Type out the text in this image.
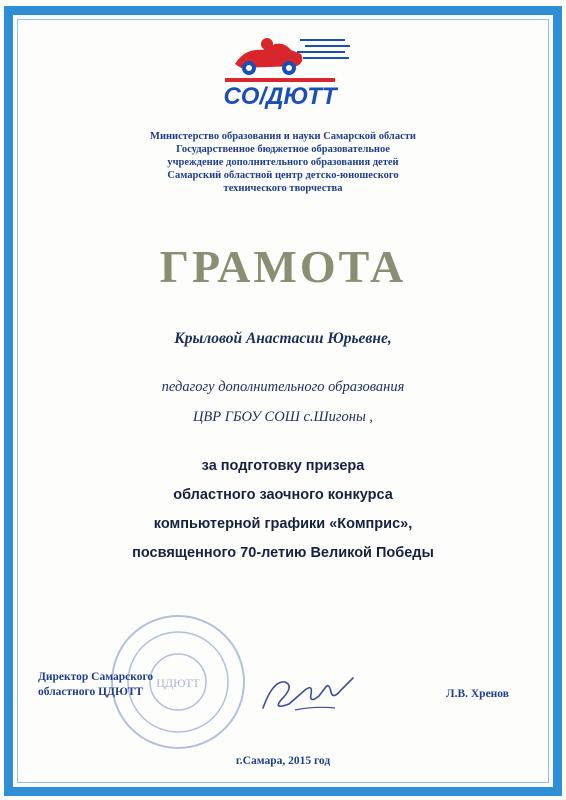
CO/ДЮТТ
Министерство образования и науки Самарской области
Государственное бюджетное образовательное
учреждение дополнительного образования детей
Самарский областной центр детско-юношеского
технического творчества
ГРАМОТА
Крыловой Анастасии Юрьевне,
педагогу дополнительного образования
ЦВР ГБОУ СОШ с.Шигоны ,
за подготовку призера
областного заочного конкурса
компьютерной графики «Комприс»,
посвященного 70-летию Великой Победы
ЦДЮТТ
Директор Самарского
областного ЦДЮТТ	Л.В. Хренов
г.Самара, 2015 год
